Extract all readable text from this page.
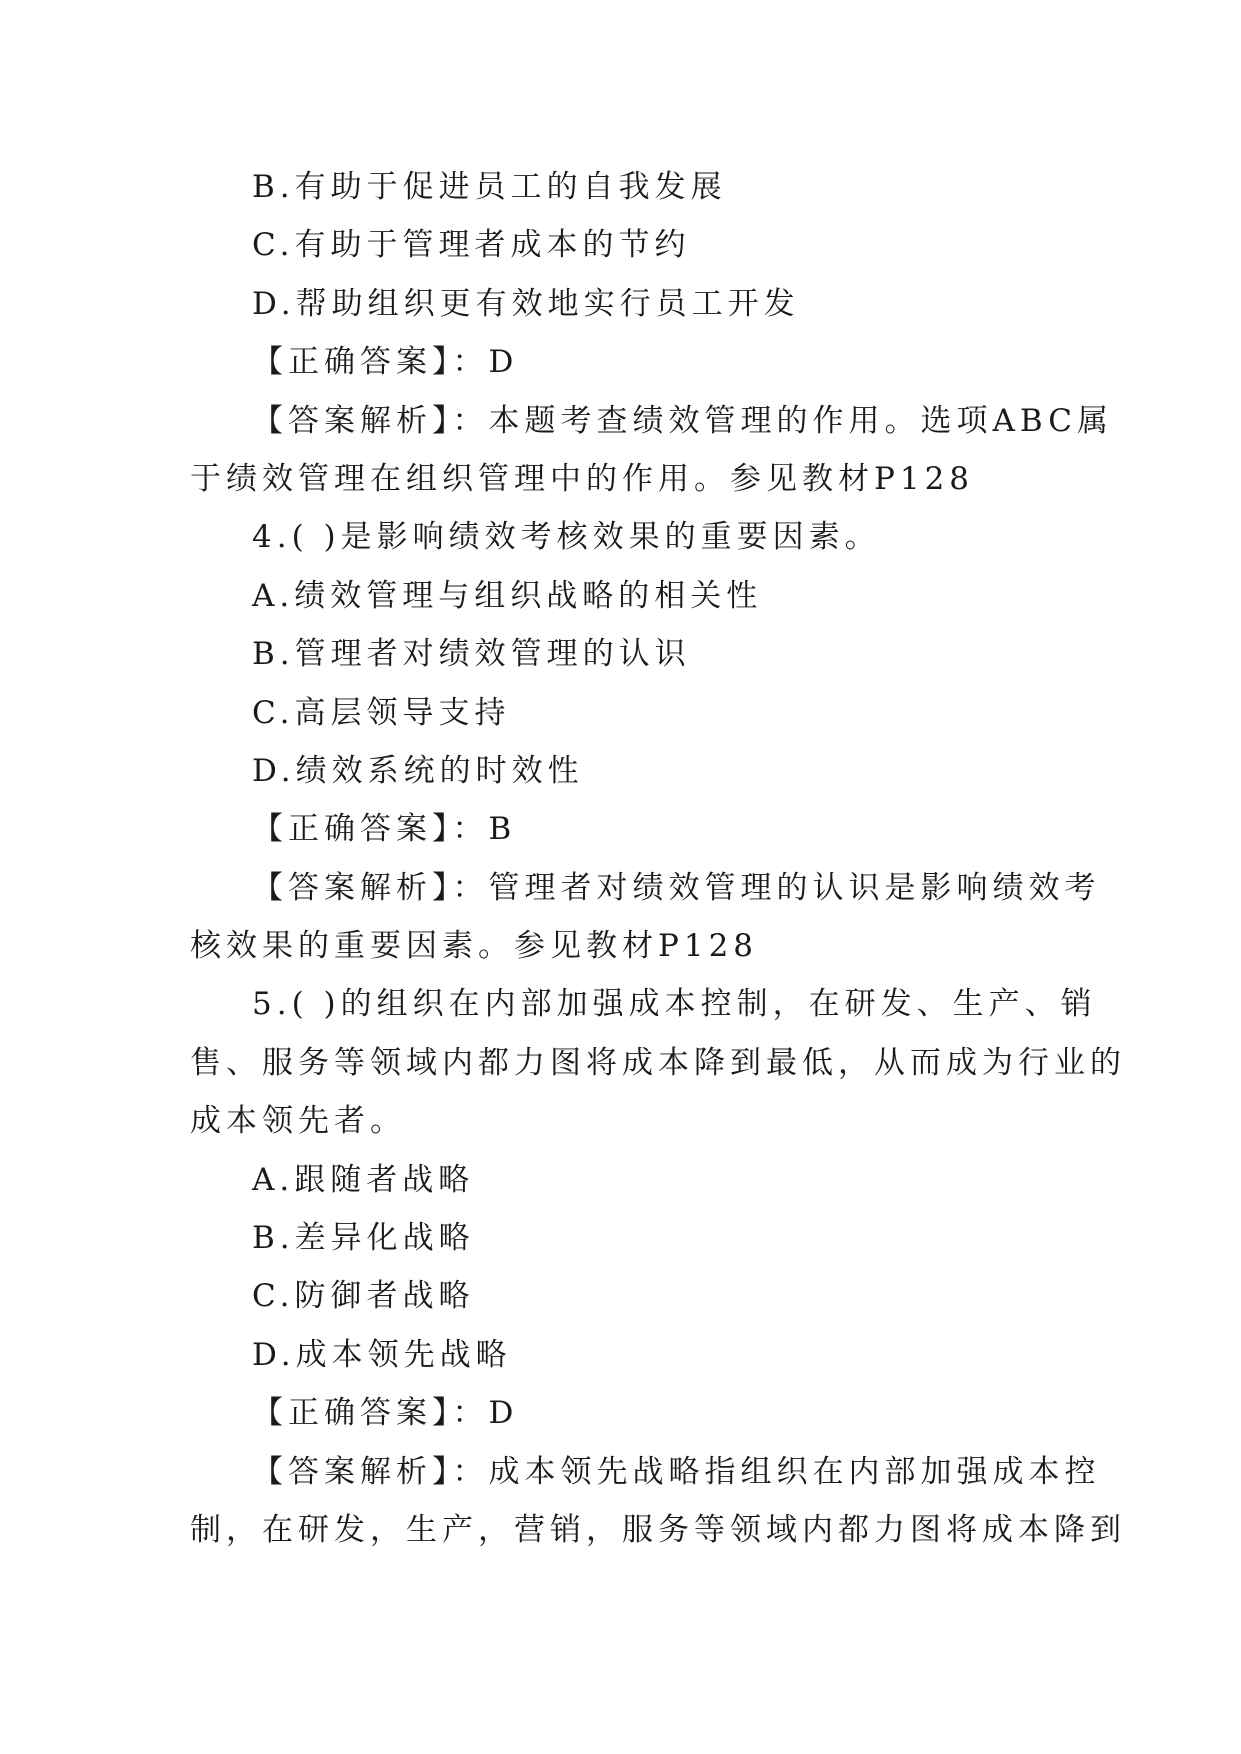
B.有助于促进员工的自我发展
C.有助于管理者成本的节约
D.帮助组织更有效地实行员工开发
【正确答案】：D
【答案解析】：本题考查绩效管理的作用。选项ABC属
于绩效管理在组织管理中的作用。参见教材P128
4.( )是影响绩效考核效果的重要因素。
A.绩效管理与组织战略的相关性
B.管理者对绩效管理的认识
C.高层领导支持
D.绩效系统的时效性
【正确答案】：B
【答案解析】：管理者对绩效管理的认识是影响绩效考
核效果的重要因素。参见教材P128
5.( )的组织在内部加强成本控制，在研发、生产、销
售、服务等领域内都力图将成本降到最低，从而成为行业的
成本领先者。
A.跟随者战略
B.差异化战略
C.防御者战略
D.成本领先战略
【正确答案】：D
【答案解析】：成本领先战略指组织在内部加强成本控
制，在研发，生产，营销，服务等领域内都力图将成本降到
